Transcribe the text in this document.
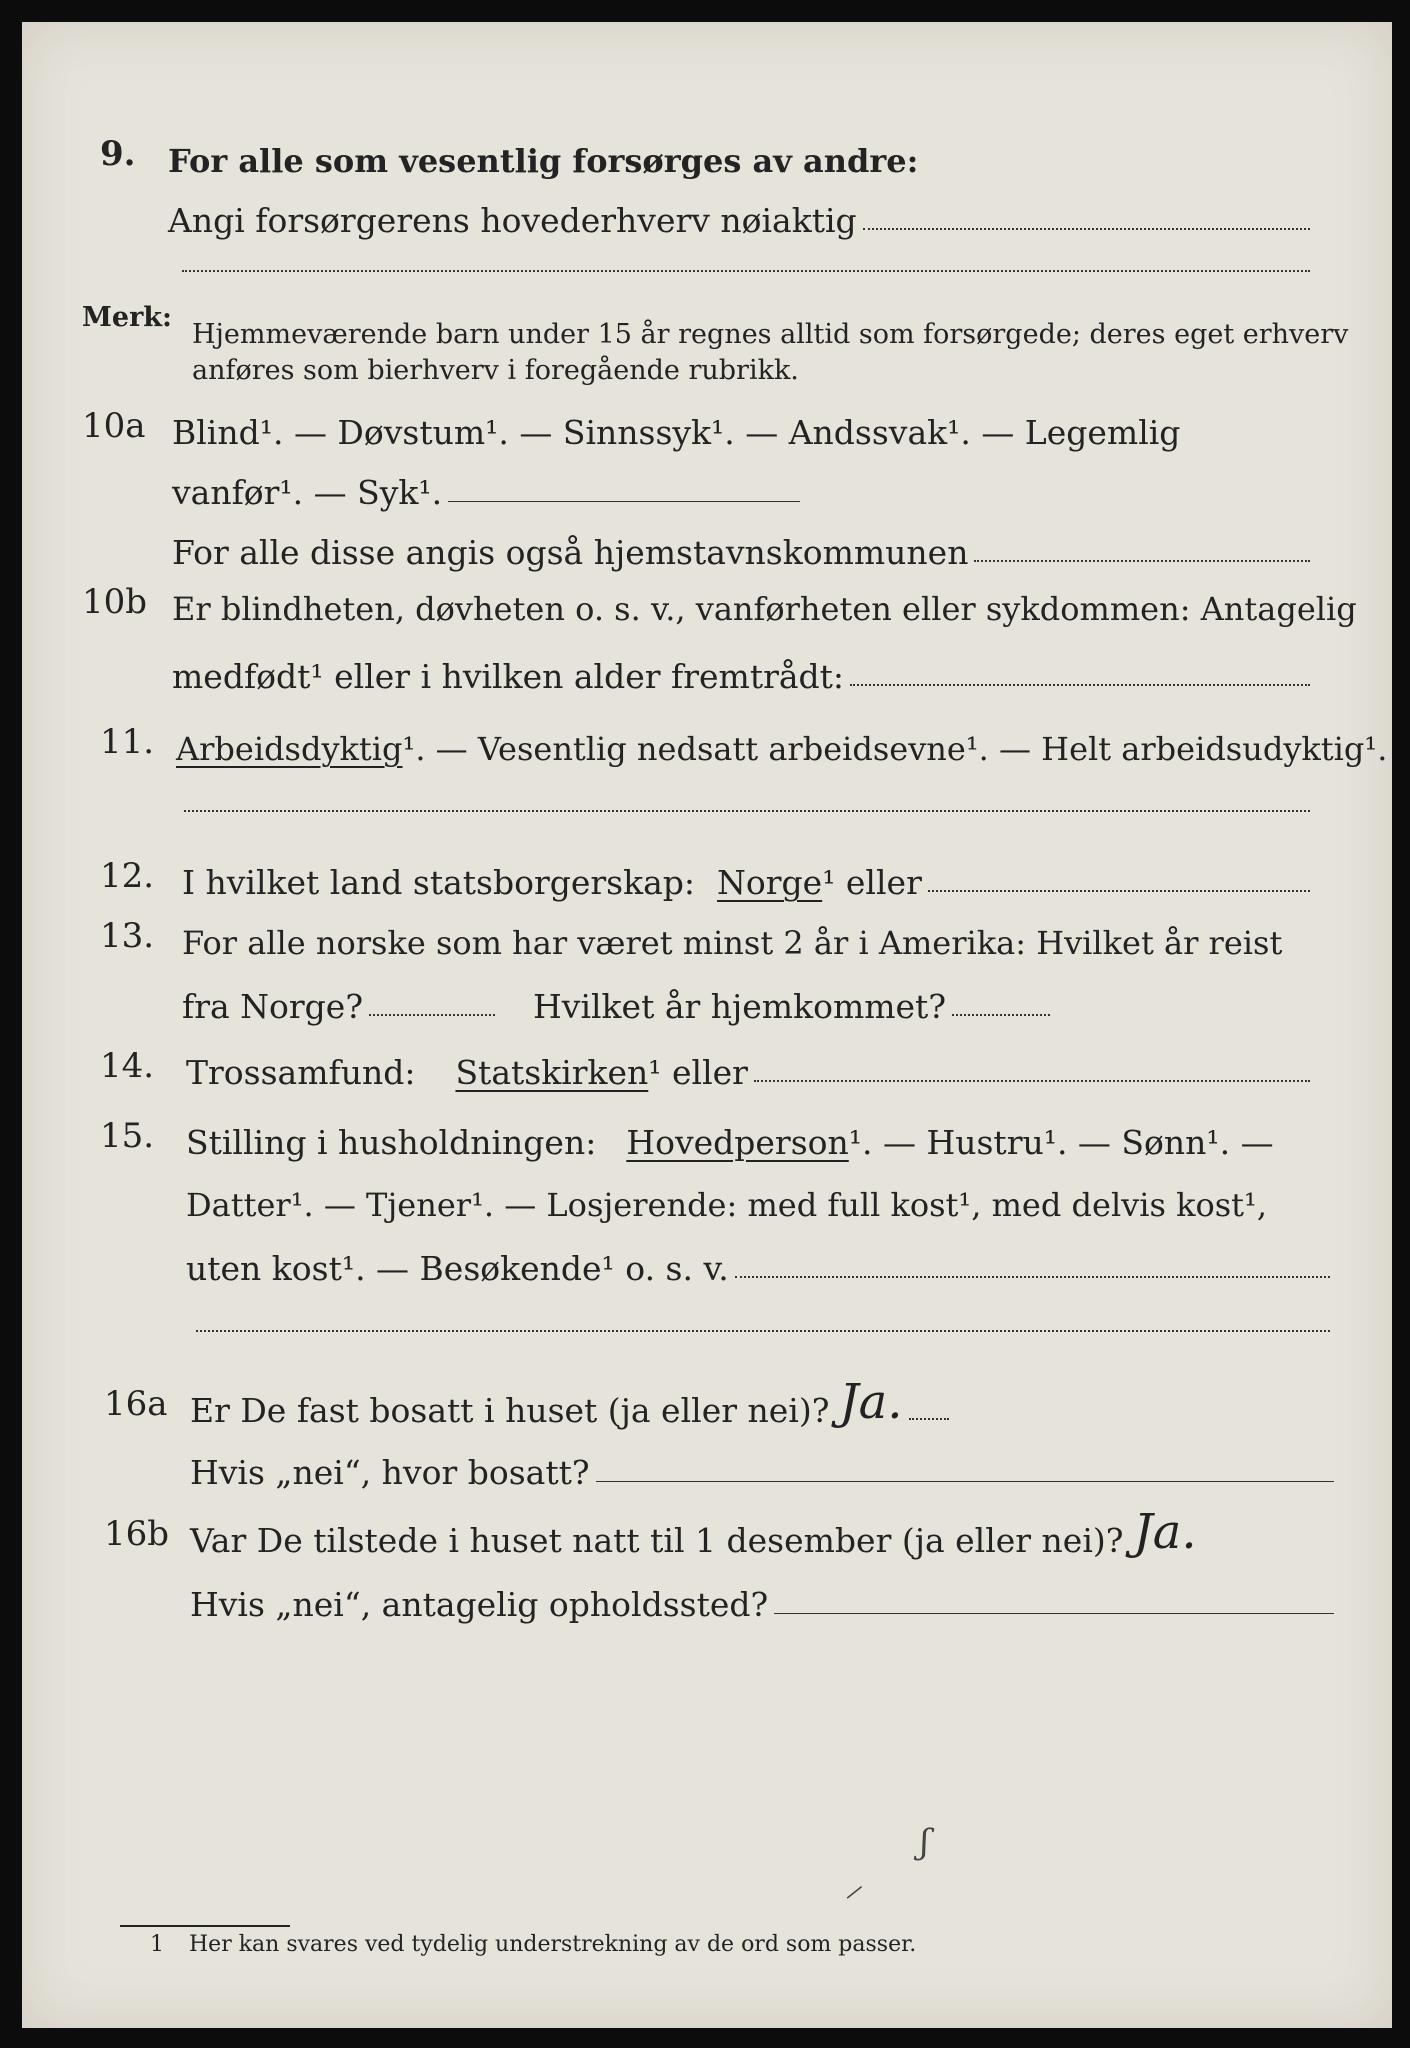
9.	For alle som vesentlig forsørges av andre:
Angi forsørgerens hovederhverv nøiaktig
Merk:
Hjemmeværende barn under 15 år regnes alltid som forsørgede; deres eget erhverv
anføres som bierhverv i foregående rubrikk.
10a Blind¹. — Døvstum¹. — Sinnssyk¹. — Andssvak¹. — Legemlig
vanfør¹. — Syk¹.
For alle disse angis også hjemstavnskommunen
10b Er blindheten, døvheten o. s. v., vanførheten eller sykdommen: Antagelig
medfødt¹ eller i hvilken alder fremtrådt:
11. Arbeidsdyktig ¹. — Vesentlig nedsatt arbeidsevne¹. — Helt arbeidsudyktig¹.
12. I hvilket land statsborgerskap: Norge ¹ eller
13. For alle norske som har været minst 2 år i Amerika: Hvilket år reist
fra Norge?	Hvilket år hjemkommet?
14. Trossamfund: Statskirken ¹ eller
15. Stilling i husholdningen: Hovedperson ¹. — Hustru¹. — Sønn¹. —
Datter¹. — Tjener¹. — Losjerende: med full kost¹, med delvis kost¹,
uten kost¹. — Besøkende¹ o. s. v.
16a Er De fast bosatt i huset (ja eller nei)? Ja.
Hvis „nei“, hvor bosatt?
16b Var De tilstede i huset natt til 1 desember (ja eller nei)? Ja.
Hvis „nei“, antagelig opholdssted?
⸝
ʃ
1 Her kan svares ved tydelig understrekning av de ord som passer.
